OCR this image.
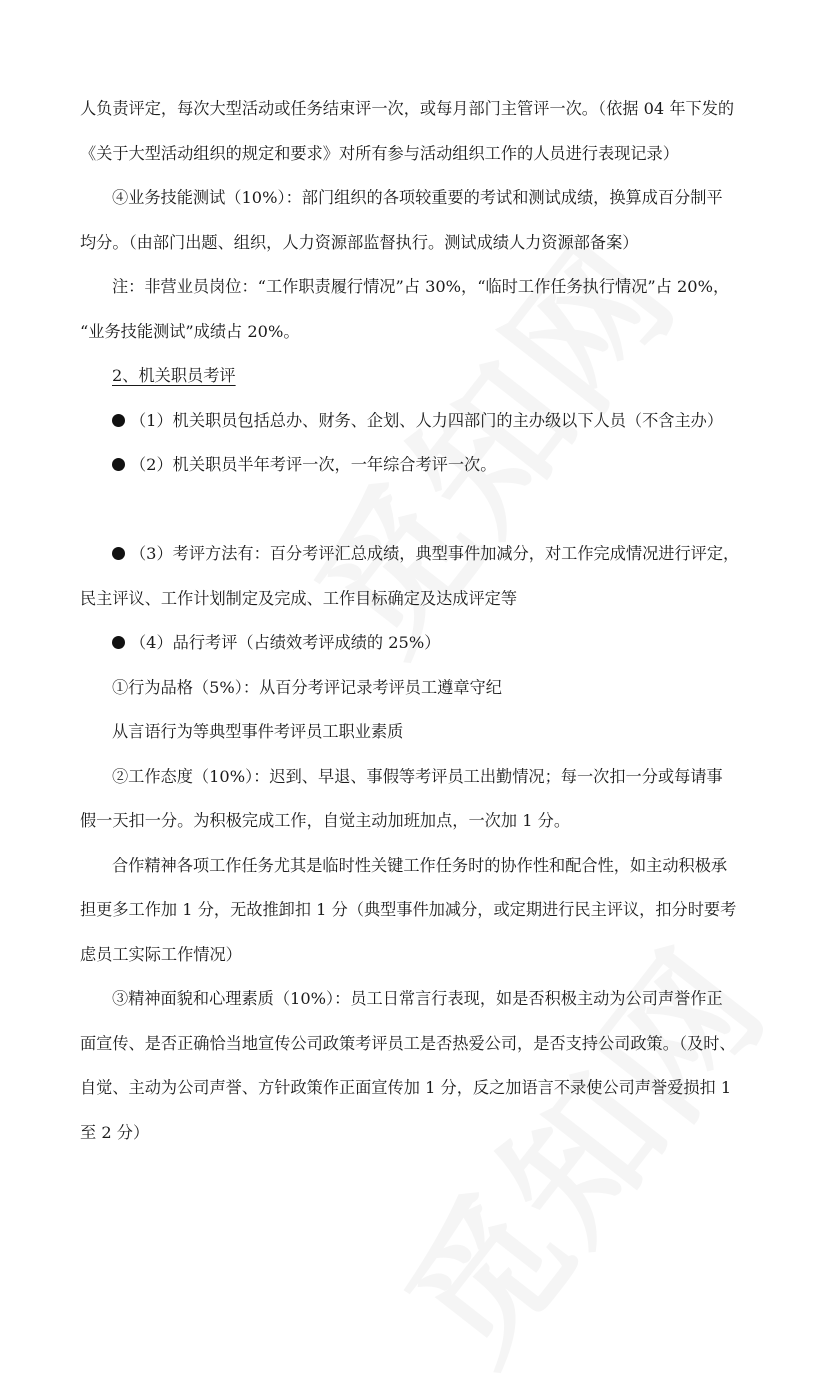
人负责评定，每次大型活动或任务结束评一次，或每月部门主管评一次。（依据 04 年下发的

《关于大型活动组织的规定和要求》对所有参与活动组织工作的人员进行表现记录）

④业务技能测试（10%）：部门组织的各项较重要的考试和测试成绩，换算成百分制平

均分。（由部门出题、组织，人力资源部监督执行。测试成绩人力资源部备案）

注：非营业员岗位：“工作职责履行情况”占 30%，“临时工作任务执行情况”占 20%，

“业务技能测试”成绩占 20%。

2、机关职员考评

（1）机关职员包括总办、财务、企划、人力四部门的主办级以下人员（不含主办）

（2）机关职员半年考评一次，一年综合考评一次。

（3）考评方法有：百分考评汇总成绩，典型事件加减分，对工作完成情况进行评定，

民主评议、工作计划制定及完成、工作目标确定及达成评定等

（4）品行考评（占绩效考评成绩的 25%）

①行为品格（5%）：从百分考评记录考评员工遵章守纪

从言语行为等典型事件考评员工职业素质

②工作态度（10%）：迟到、早退、事假等考评员工出勤情况；每一次扣一分或每请事

假一天扣一分。为积极完成工作，自觉主动加班加点，一次加 1 分。

合作精神各项工作任务尤其是临时性关键工作任务时的协作性和配合性，如主动积极承

担更多工作加 1 分，无故推卸扣 1 分（典型事件加减分，或定期进行民主评议，扣分时要考

虑员工实际工作情况）

③精神面貌和心理素质（10%）：员工日常言行表现，如是否积极主动为公司声誉作正

面宣传、是否正确恰当地宣传公司政策考评员工是否热爱公司，是否支持公司政策。（及时、

自觉、主动为公司声誉、方针政策作正面宣传加 1 分，反之加语言不录使公司声誉爱损扣 1

至 2 分）
